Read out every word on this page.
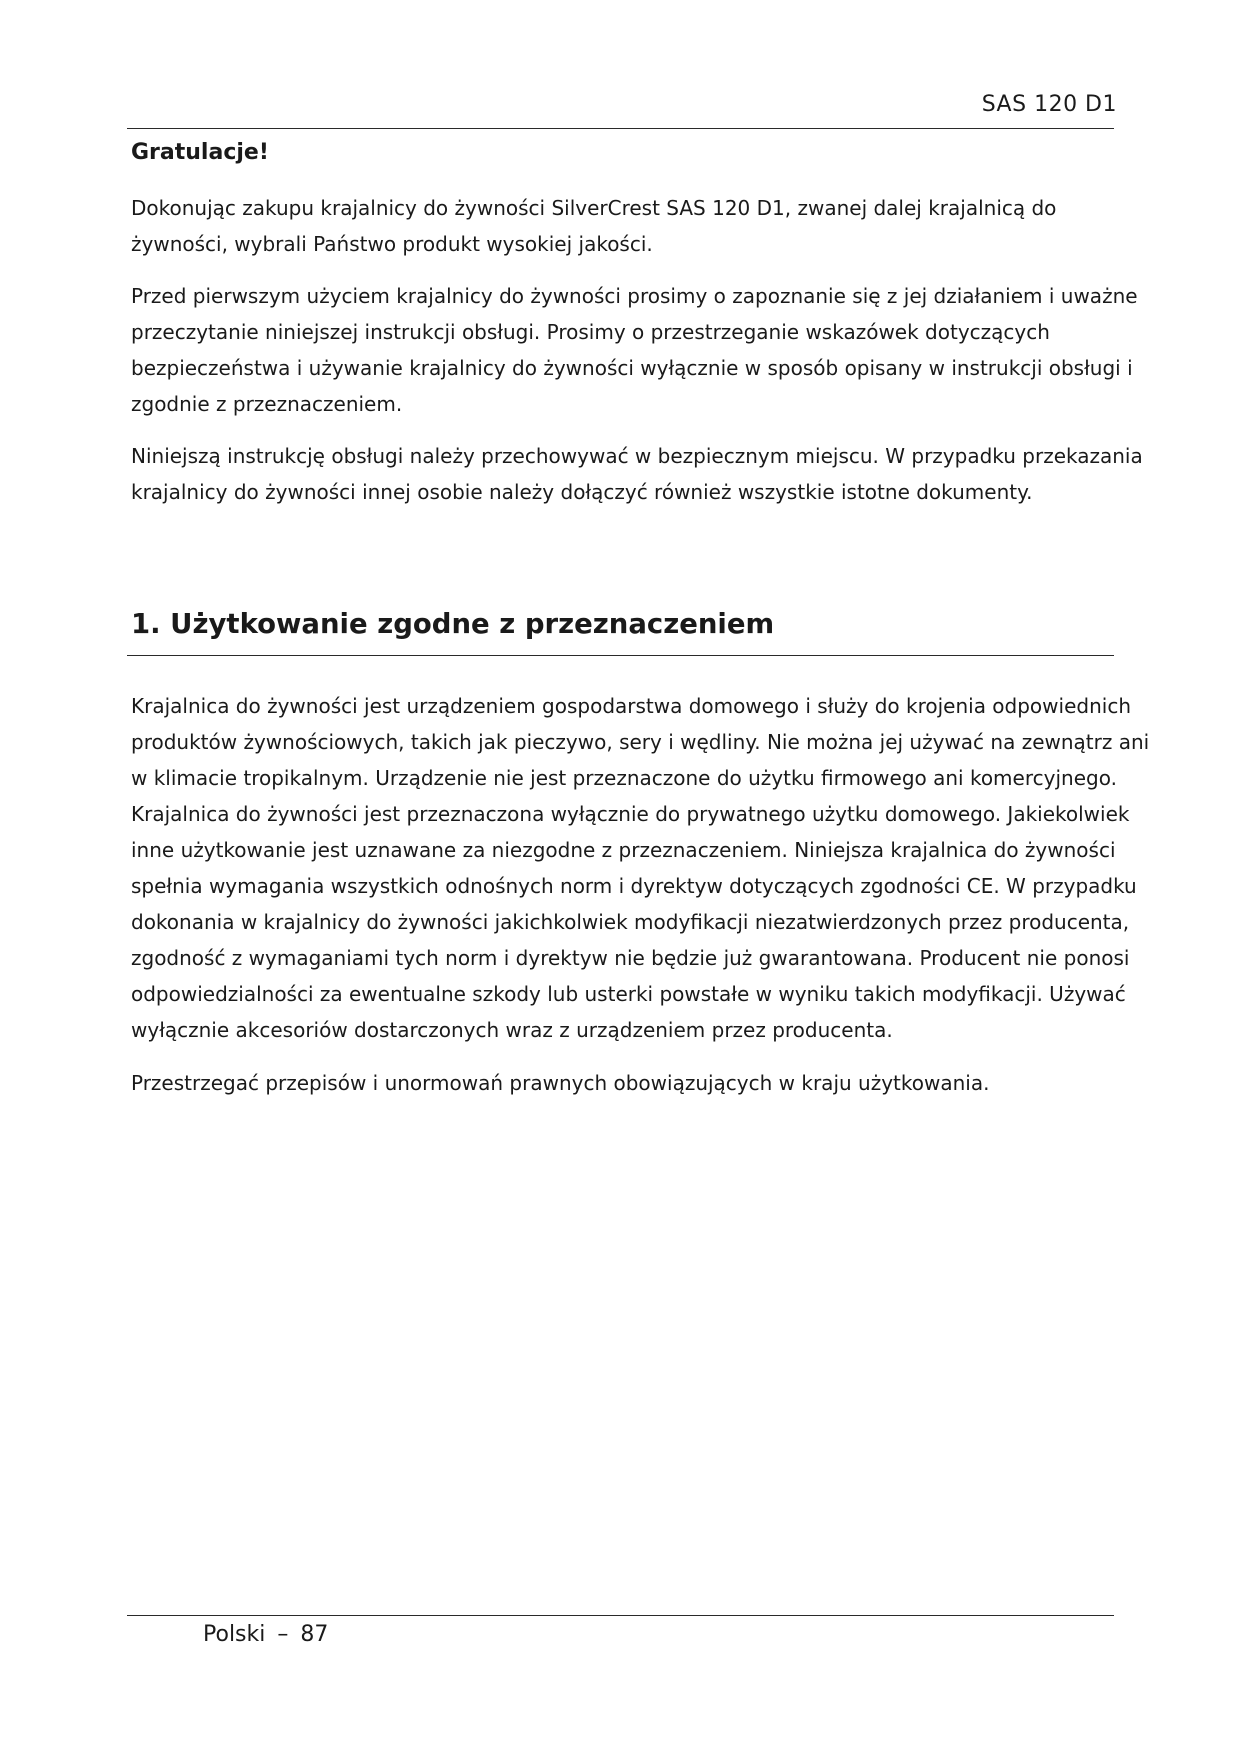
SAS 120 D1
Gratulacje!

Dokonując zakupu krajalnicy do żywności SilverCrest SAS 120 D1, zwanej dalej krajalnicą do
żywności, wybrali Państwo produkt wysokiej jakości.

Przed pierwszym użyciem krajalnicy do żywności prosimy o zapoznanie się z jej działaniem i uważne
przeczytanie niniejszej instrukcji obsługi. Prosimy o przestrzeganie wskazówek dotyczących
bezpieczeństwa i używanie krajalnicy do żywności wyłącznie w sposób opisany w instrukcji obsługi i
zgodnie z przeznaczeniem.

Niniejszą instrukcję obsługi należy przechowywać w bezpiecznym miejscu. W przypadku przekazania
krajalnicy do żywności innej osobie należy dołączyć również wszystkie istotne dokumenty.

1. Użytkowanie zgodne z przeznaczeniem

Krajalnica do żywności jest urządzeniem gospodarstwa domowego i służy do krojenia odpowiednich
produktów żywnościowych, takich jak pieczywo, sery i wędliny. Nie można jej używać na zewnątrz ani
w klimacie tropikalnym. Urządzenie nie jest przeznaczone do użytku firmowego ani komercyjnego.
Krajalnica do żywności jest przeznaczona wyłącznie do prywatnego użytku domowego. Jakiekolwiek
inne użytkowanie jest uznawane za niezgodne z przeznaczeniem. Niniejsza krajalnica do żywności
spełnia wymagania wszystkich odnośnych norm i dyrektyw dotyczących zgodności CE. W przypadku
dokonania w krajalnicy do żywności jakichkolwiek modyfikacji niezatwierdzonych przez producenta,
zgodność z wymaganiami tych norm i dyrektyw nie będzie już gwarantowana. Producent nie ponosi
odpowiedzialności za ewentualne szkody lub usterki powstałe w wyniku takich modyfikacji. Używać
wyłącznie akcesoriów dostarczonych wraz z urządzeniem przez producenta.

Przestrzegać przepisów i unormowań prawnych obowiązujących w kraju użytkowania.

Polski – 87
